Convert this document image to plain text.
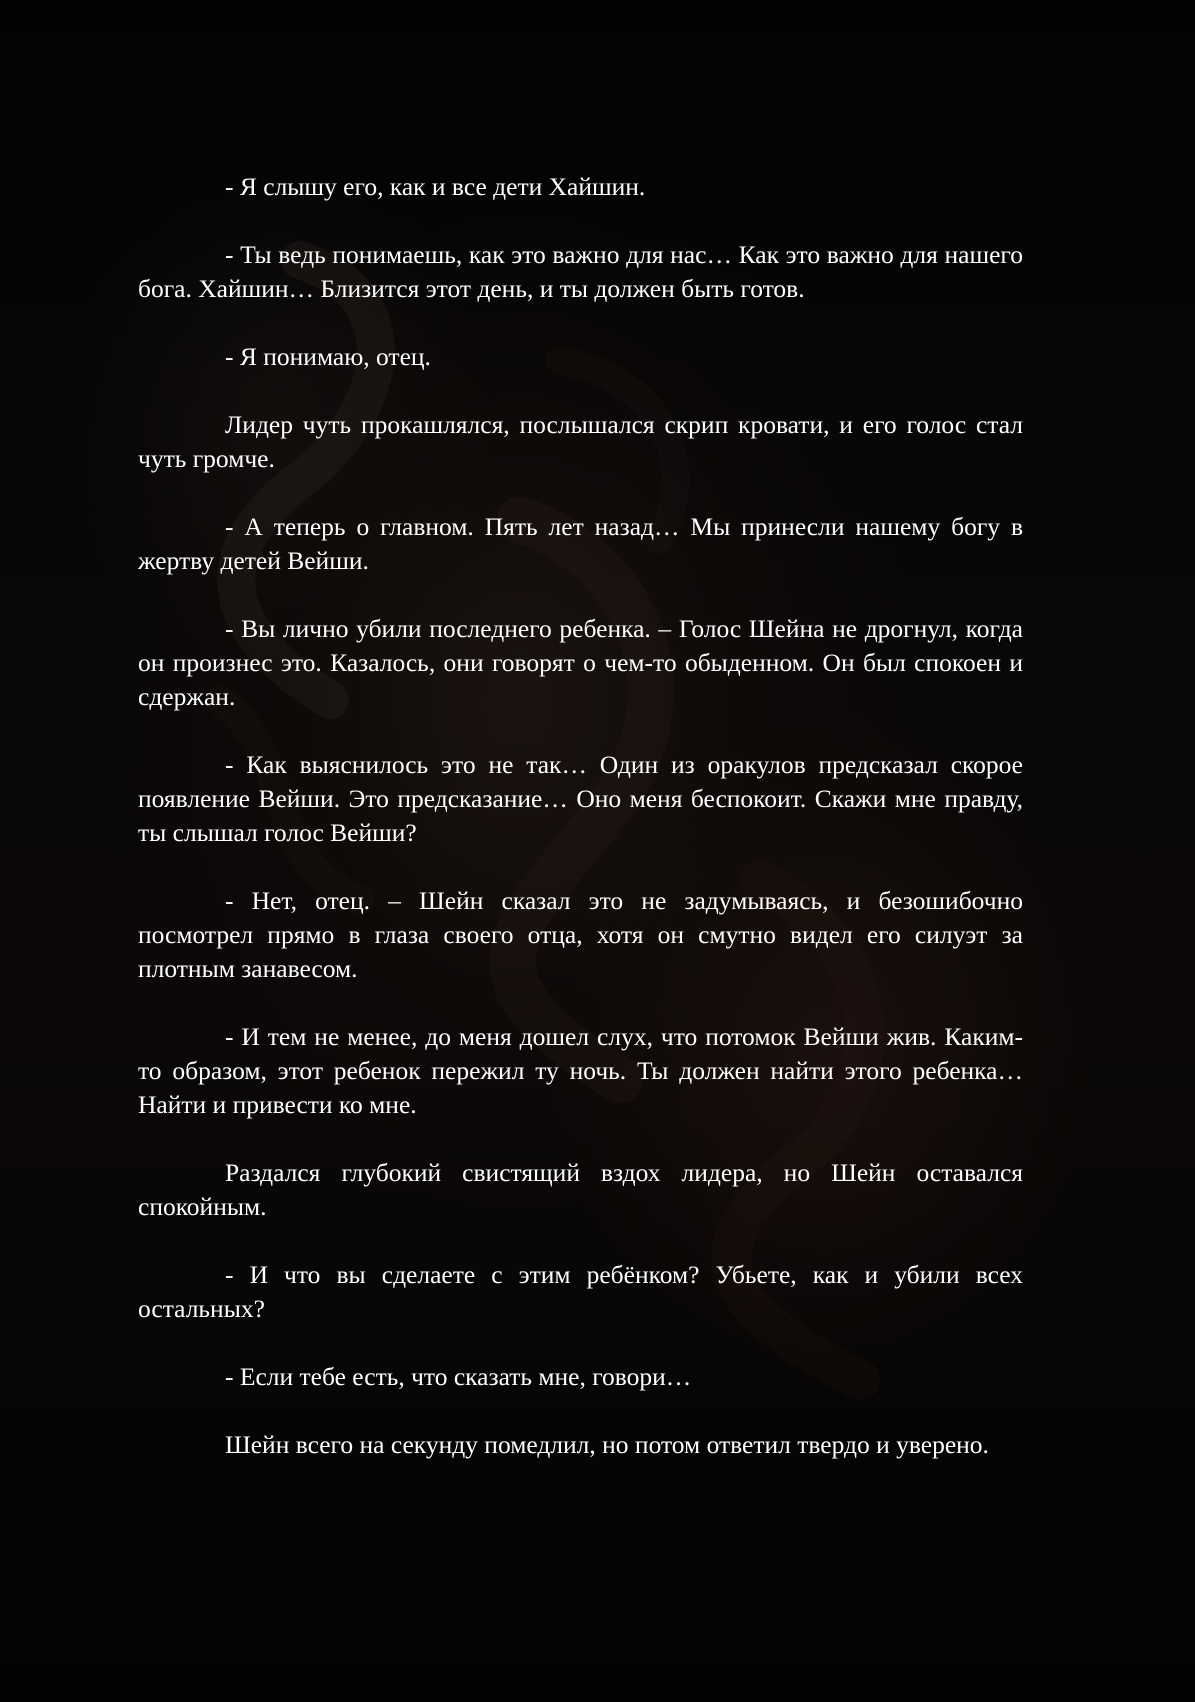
- Я слышу его, как и все дети Хайшин.

- Ты ведь понимаешь, как это важно для нас… Как это важно для нашего бога. Хайшин… Близится этот день, и ты должен быть готов.

- Я понимаю, отец.

Лидер чуть прокашлялся, послышался скрип кровати, и его голос стал чуть громче.

- А теперь о главном. Пять лет назад… Мы принесли нашему богу в жертву детей Вейши.

- Вы лично убили последнего ребенка. – Голос Шейна не дрогнул, когда он произнес это. Казалось, они говорят о чем-то обыденном. Он был спокоен и сдержан.

- Как выяснилось это не так… Один из оракулов предсказал скорое появление Вейши. Это предсказание… Оно меня беспокоит. Скажи мне правду, ты слышал голос Вейши?

- Нет, отец. – Шейн сказал это не задумываясь, и безошибочно посмотрел прямо в глаза своего отца, хотя он смутно видел его силуэт за плотным занавесом.

- И тем не менее, до меня дошел слух, что потомок Вейши жив. Каким-то образом, этот ребенок пережил ту ночь. Ты должен найти этого ребенка… Найти и привести ко мне.

Раздался глубокий свистящий вздох лидера, но Шейн оставался спокойным.

- И что вы сделаете с этим ребёнком? Убьете, как и убили всех остальных?

- Если тебе есть, что сказать мне, говори…

Шейн всего на секунду помедлил, но потом ответил твердо и уверено.
